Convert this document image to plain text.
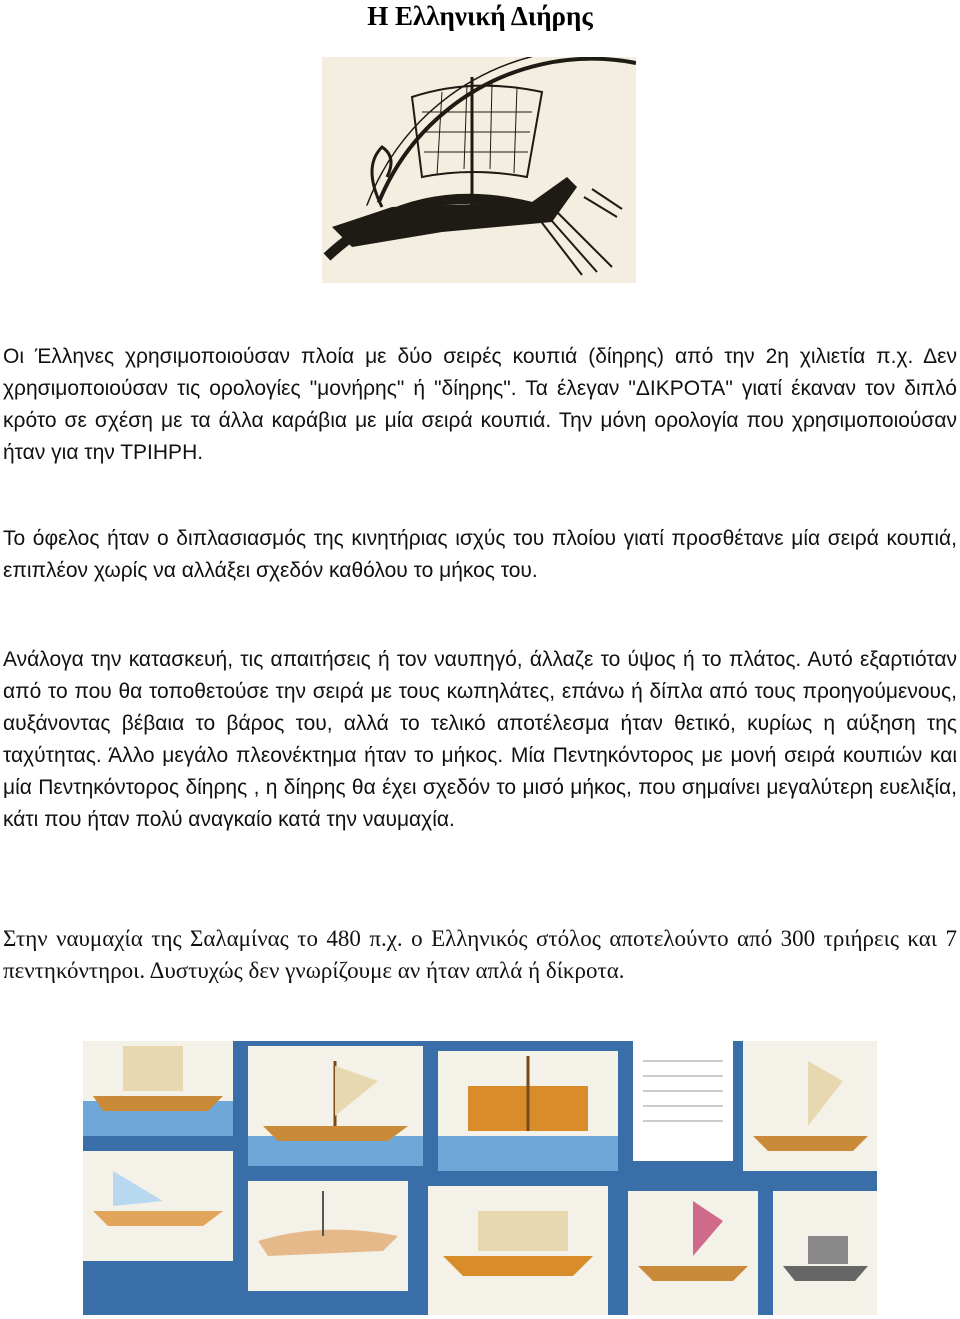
Η Ελληνική Διήρης

Οι Έλληνες χρησιμοποιούσαν πλοία με δύο σειρές κουπιά (δίηρης) από την 2η χιλιετία π.χ. Δεν χρησιμοποιούσαν τις ορολογίες "μονήρης" ή "δίηρης". Τα έλεγαν "ΔΙΚΡΟΤΑ" γιατί έκαναν τον διπλό κρότο σε σχέση με τα άλλα καράβια με μία σειρά κουπιά. Την μόνη ορολογία που χρησιμοποιούσαν ήταν για την ΤΡΙΗΡΗ.

Το όφελος ήταν ο διπλασιασμός της κινητήριας ισχύς του πλοίου γιατί προσθέτανε μία σειρά κουπιά, επιπλέον χωρίς να αλλάξει σχεδόν καθόλου το μήκος του.

Ανάλογα την κατασκευή, τις απαιτήσεις ή τον ναυπηγό, άλλαζε το ύψος ή το πλάτος. Αυτό εξαρτιόταν από το που θα τοποθετούσε την σειρά με τους κωπηλάτες, επάνω ή δίπλα από τους προηγούμενους, αυξάνοντας βέβαια το βάρος του, αλλά το τελικό αποτέλεσμα ήταν θετικό, κυρίως η αύξηση της ταχύτητας. Άλλο μεγάλο πλεονέκτημα ήταν το μήκος. Μία Πεντηκόντορος με μονή σειρά κουπιών και μία Πεντηκόντορος δίηρης , η δίηρης θα έχει σχεδόν το μισό μήκος, που σημαίνει μεγαλύτερη ευελιξία, κάτι που ήταν πολύ αναγκαίο κατά την ναυμαχία.

Στην ναυμαχία της Σαλαμίνας το 480 π.χ. ο Ελληνικός στόλος αποτελούντο από 300 τριήρεις και 7 πεντηκόντηροι. Δυστυχώς δεν γνωρίζουμε αν ήταν απλά ή δίκροτα.
